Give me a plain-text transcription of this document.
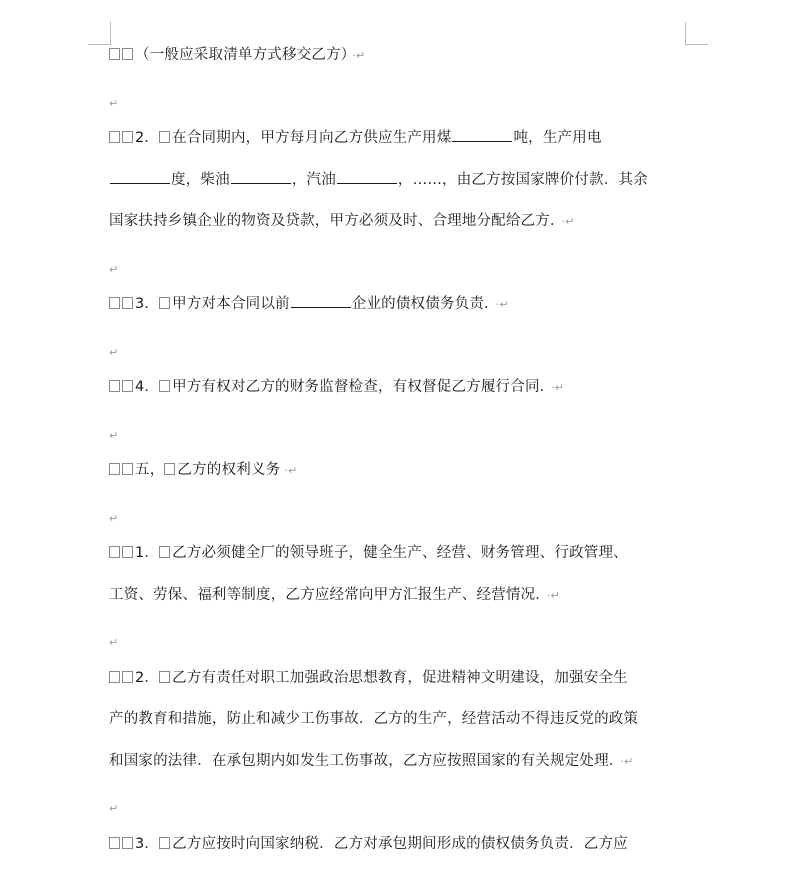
（一般应采取清单方式移交乙方） ·↵
$_↵$
2． 在合同期内，甲方每月向乙方供应生产用煤	吨，生产用电
度，柴油	，汽油	，……，由乙方按国家牌价付款．其余
国家扶持乡镇企业的物资及贷款，甲方必须及时、合理地分配给乙方． ·↵
$_↵$
3． 甲方对本合同以前	企业的债权债务负责． ·↵
$_↵$
4． 甲方有权对乙方的财务监督检查，有权督促乙方履行合同． ·↵
$_↵$
五， 乙方的权利义务 ·↵
$_↵$
1． 乙方必须健全厂的领导班子，健全生产、经营、财务管理、行政管理、
工资、劳保、福利等制度，乙方应经常向甲方汇报生产、经营情况． ·↵
$_↵$
2． 乙方有责任对职工加强政治思想教育，促进精神文明建设，加强安全生
产的教育和措施，防止和减少工伤事故．乙方的生产，经营活动不得违反党的政策
和国家的法律．在承包期内如发生工伤事故，乙方应按照国家的有关规定处理． ·↵
$_↵$
3． 乙方应按时向国家纳税．乙方对承包期间形成的债权债务负责．乙方应
